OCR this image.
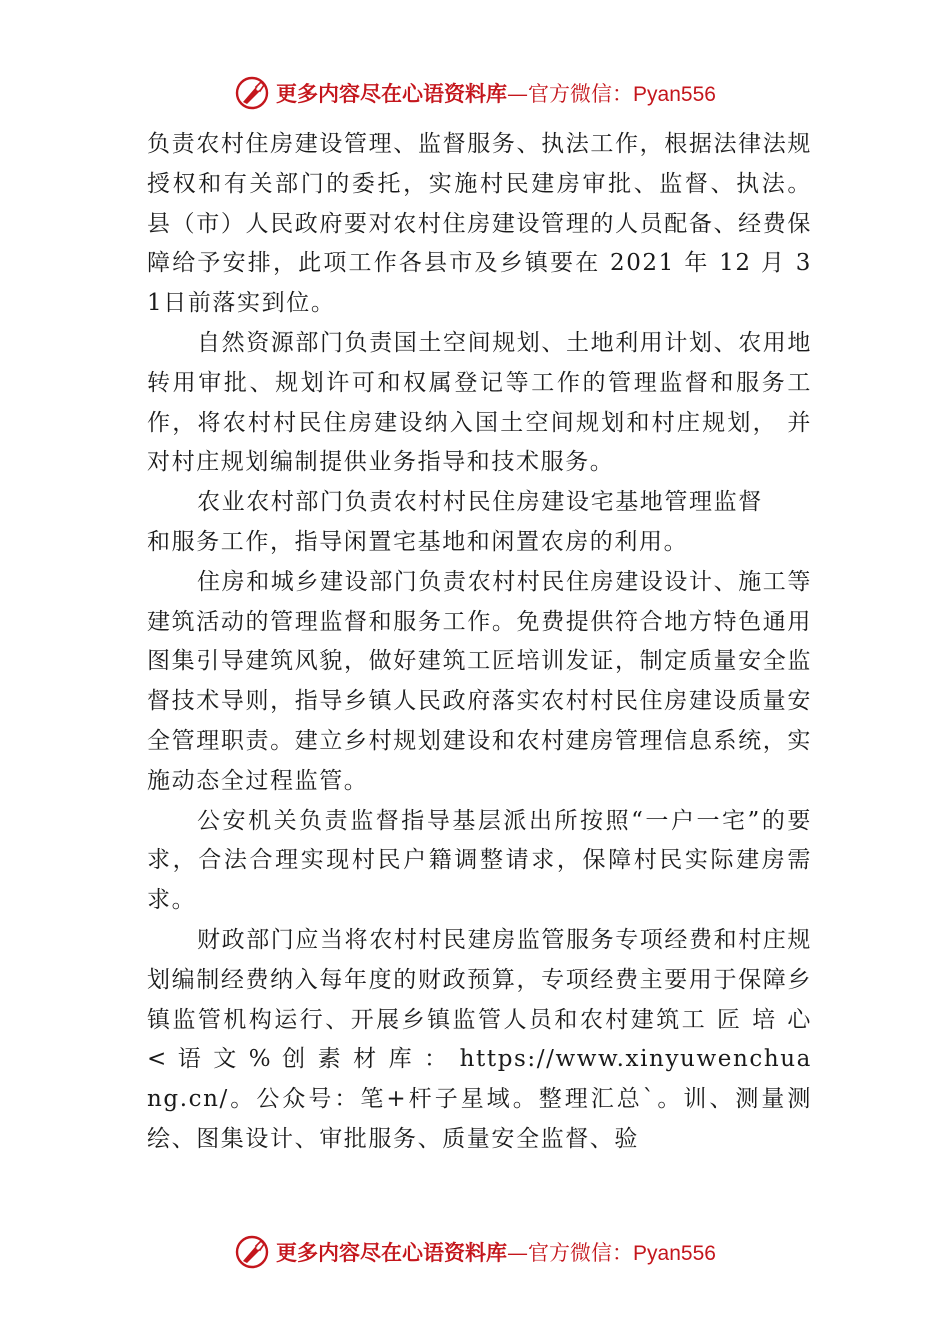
更多内容尽在心语资料库—官方微信：Pyan556

负责农村住房建设管理、监督服务、执法工作，根据法律法规授权和有关部门的委托，实施村民建房审批、监督、执法。 县（市）人民政府要对农村住房建设管理的人员配备、经费保障给予安排，此项工作各县市及乡镇要在 2021 年 12 月 31日前落实到位。

自然资源部门负责国土空间规划、土地利用计划、农用地转用审批、规划许可和权属登记等工作的管理监督和服务工作，将农村村民住房建设纳入国土空间规划和村庄规划， 并对村庄规划编制提供业务指导和技术服务。

农业农村部门负责农村村民住房建设宅基地管理监督

和服务工作，指导闲置宅基地和闲置农房的利用。

住房和城乡建设部门负责农村村民住房建设设计、施工等建筑活动的管理监督和服务工作。免费提供符合地方特色通用图集引导建筑风貌，做好建筑工匠培训发证，制定质量安全监督技术导则，指导乡镇人民政府落实农村村民住房建设质量安全管理职责。建立乡村规划建设和农村建房管理信息系统，实施动态全过程监管。

公安机关负责监督指导基层派出所按照“一户一宅”的要求，合法合理实现村民户籍调整请求，保障村民实际建房需求。

财政部门应当将农村村民建房监管服务专项经费和村庄规划编制经费纳入每年度的财政预算，专项经费主要用于保障乡镇监管机构运行、开展乡镇监管人员和农村建筑工 匠 培 心 < 语 文 % 创 素 材 库 ： https://www.xinyuwenchuang.cn/。公众号：笔+杆子星域。整理汇总`。训、测量测绘、图集设计、审批服务、质量安全监督、验

更多内容尽在心语资料库—官方微信：Pyan556
